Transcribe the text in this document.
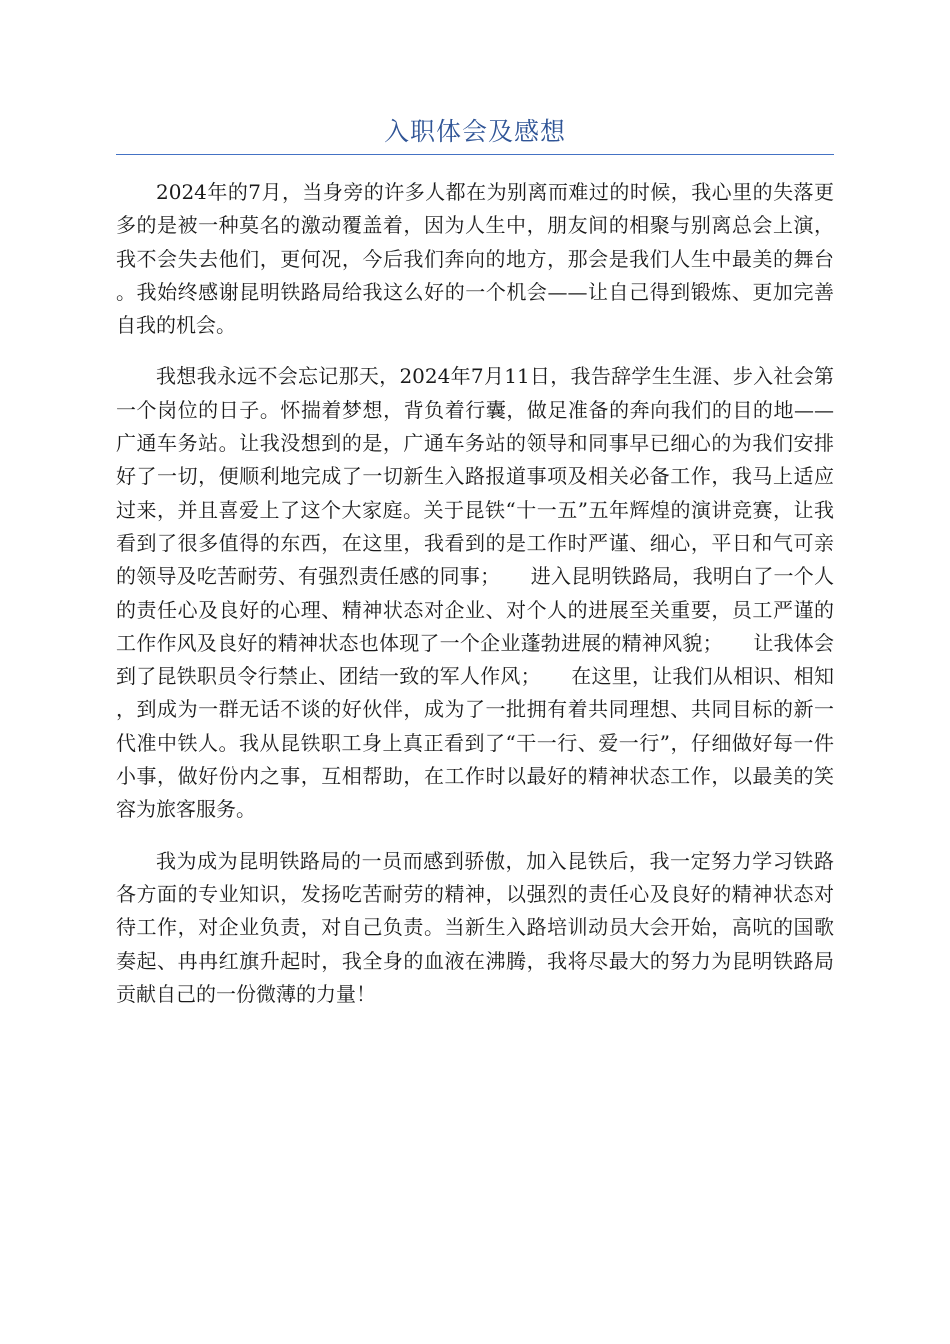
入职体会及感想

2024年的7月，当身旁的许多人都在为别离而难过的时候，我心里的失落更多的是被一种莫名的激动覆盖着，因为人生中，朋友间的相聚与别离总会上演，我不会失去他们，更何况，今后我们奔向的地方，那会是我们人生中最美的舞台。我始终感谢昆明铁路局给我这么好的一个机会——让自己得到锻炼、更加完善自我的机会。

我想我永远不会忘记那天，2024年7月11日，我告辞学生生涯、步入社会第一个岗位的日子。怀揣着梦想，背负着行囊，做足准备的奔向我们的目的地——广通车务站。让我没想到的是，广通车务站的领导和同事早已细心的为我们安排好了一切，便顺利地完成了一切新生入路报道事项及相关必备工作，我马上适应过来，并且喜爱上了这个大家庭。关于昆铁“十一五”五年辉煌的演讲竞赛，让我看到了很多值得的东西，在这里，我看到的是工作时严谨、细心，平日和气可亲的领导及吃苦耐劳、有强烈责任感的同事；　　进入昆明铁路局，我明白了一个人的责任心及良好的心理、精神状态对企业、对个人的进展至关重要，员工严谨的工作作风及良好的精神状态也体现了一个企业蓬勃进展的精神风貌；　　让我体会到了昆铁职员令行禁止、团结一致的军人作风；　　在这里，让我们从相识、相知，到成为一群无话不谈的好伙伴，成为了一批拥有着共同理想、共同目标的新一代准中铁人。我从昆铁职工身上真正看到了“干一行、爱一行”，仔细做好每一件小事，做好份内之事，互相帮助，在工作时以最好的精神状态工作，以最美的笑容为旅客服务。

我为成为昆明铁路局的一员而感到骄傲，加入昆铁后，我一定努力学习铁路各方面的专业知识，发扬吃苦耐劳的精神，以强烈的责任心及良好的精神状态对待工作，对企业负责，对自己负责。当新生入路培训动员大会开始，高吭的国歌奏起、冉冉红旗升起时，我全身的血液在沸腾，我将尽最大的努力为昆明铁路局贡献自己的一份微薄的力量！
